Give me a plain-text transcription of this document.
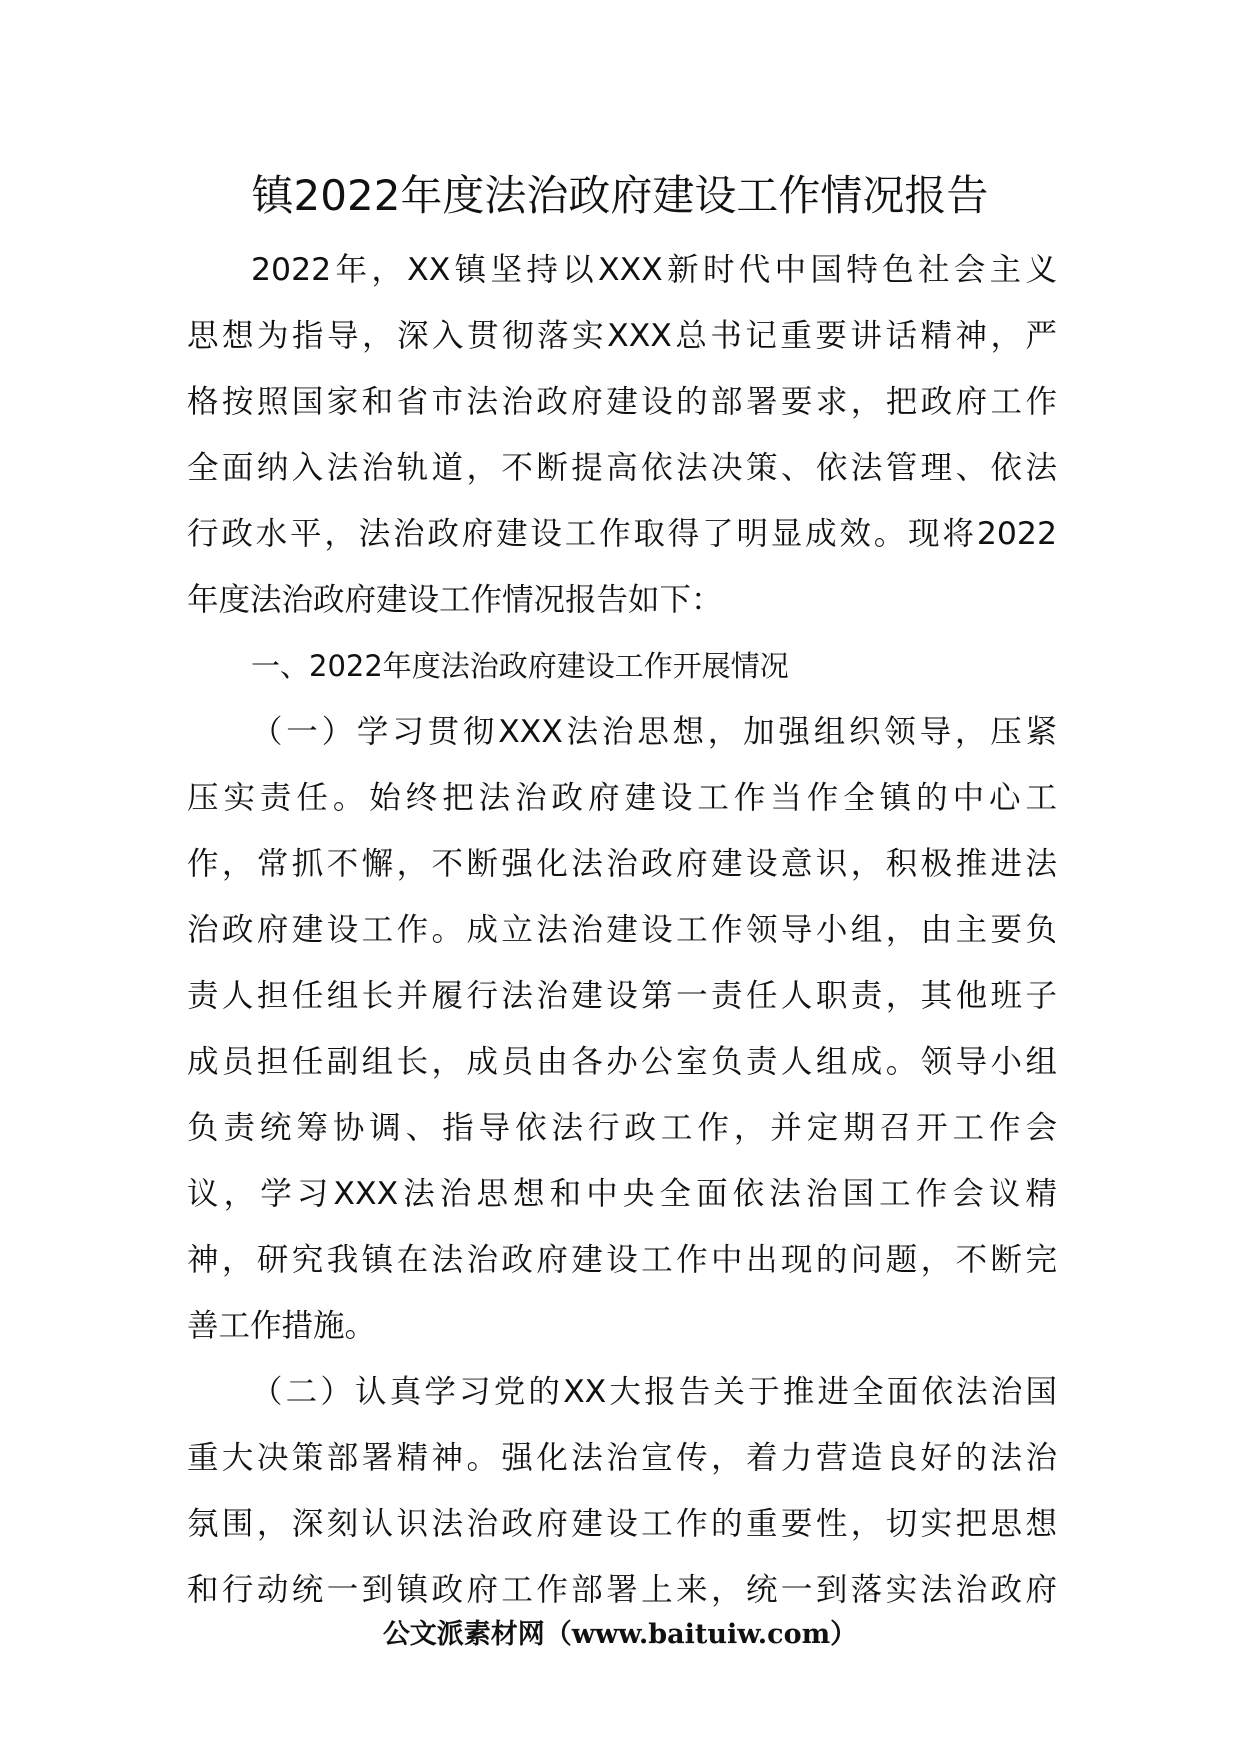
镇2022年度法治政府建设工作情况报告
2022年，XX镇坚持以XXX新时代中国特色社会主义
思想为指导，深入贯彻落实XXX总书记重要讲话精神，严
格按照国家和省市法治政府建设的部署要求，把政府工作
全面纳入法治轨道，不断提高依法决策、依法管理、依法
行政水平，法治政府建设工作取得了明显成效。现将2022
年度法治政府建设工作情况报告如下：
一、2022年度法治政府建设工作开展情况
（一）学习贯彻XXX法治思想，加强组织领导，压紧
压实责任。始终把法治政府建设工作当作全镇的中心工
作，常抓不懈，不断强化法治政府建设意识，积极推进法
治政府建设工作。成立法治建设工作领导小组，由主要负
责人担任组长并履行法治建设第一责任人职责，其他班子
成员担任副组长，成员由各办公室负责人组成。领导小组
负责统筹协调、指导依法行政工作，并定期召开工作会
议，学习XXX法治思想和中央全面依法治国工作会议精
神，研究我镇在法治政府建设工作中出现的问题，不断完
善工作措施。
（二）认真学习党的XX大报告关于推进全面依法治国
重大决策部署精神。强化法治宣传，着力营造良好的法治
氛围，深刻认识法治政府建设工作的重要性，切实把思想
和行动统一到镇政府工作部署上来，统一到落实法治政府
公文派素材网（www.baituiw.com）
